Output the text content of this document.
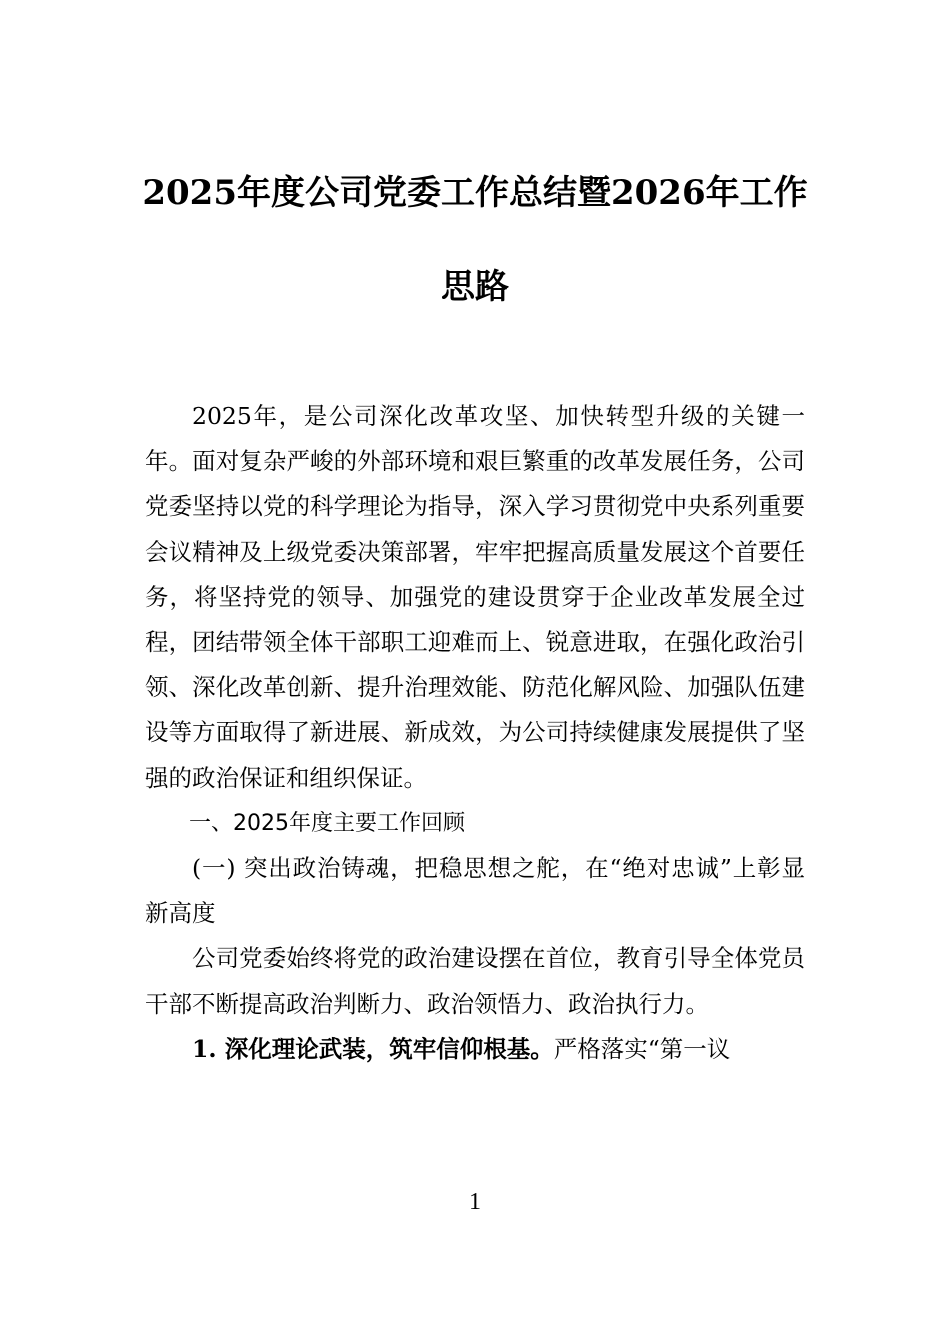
2025年度公司党委工作总结暨2026年工作
思路

2025年，是公司深化改革攻坚、加快转型升级的关键一年。面对复杂严峻的外部环境和艰巨繁重的改革发展任务，公司党委坚持以党的科学理论为指导，深入学习贯彻党中央系列重要会议精神及上级党委决策部署，牢牢把握高质量发展这个首要任务，将坚持党的领导、加强党的建设贯穿于企业改革发展全过程，团结带领全体干部职工迎难而上、锐意进取，在强化政治引领、深化改革创新、提升治理效能、防范化解风险、加强队伍建设等方面取得了新进展、新成效，为公司持续健康发展提供了坚强的政治保证和组织保证。

一、2025年度主要工作回顾

(一) 突出政治铸魂，把稳思想之舵，在“绝对忠诚”上彰显新高度

公司党委始终将党的政治建设摆在首位，教育引导全体党员干部不断提高政治判断力、政治领悟力、政治执行力。

1. 深化理论武装，筑牢信仰根基。严格落实“第一议

1
